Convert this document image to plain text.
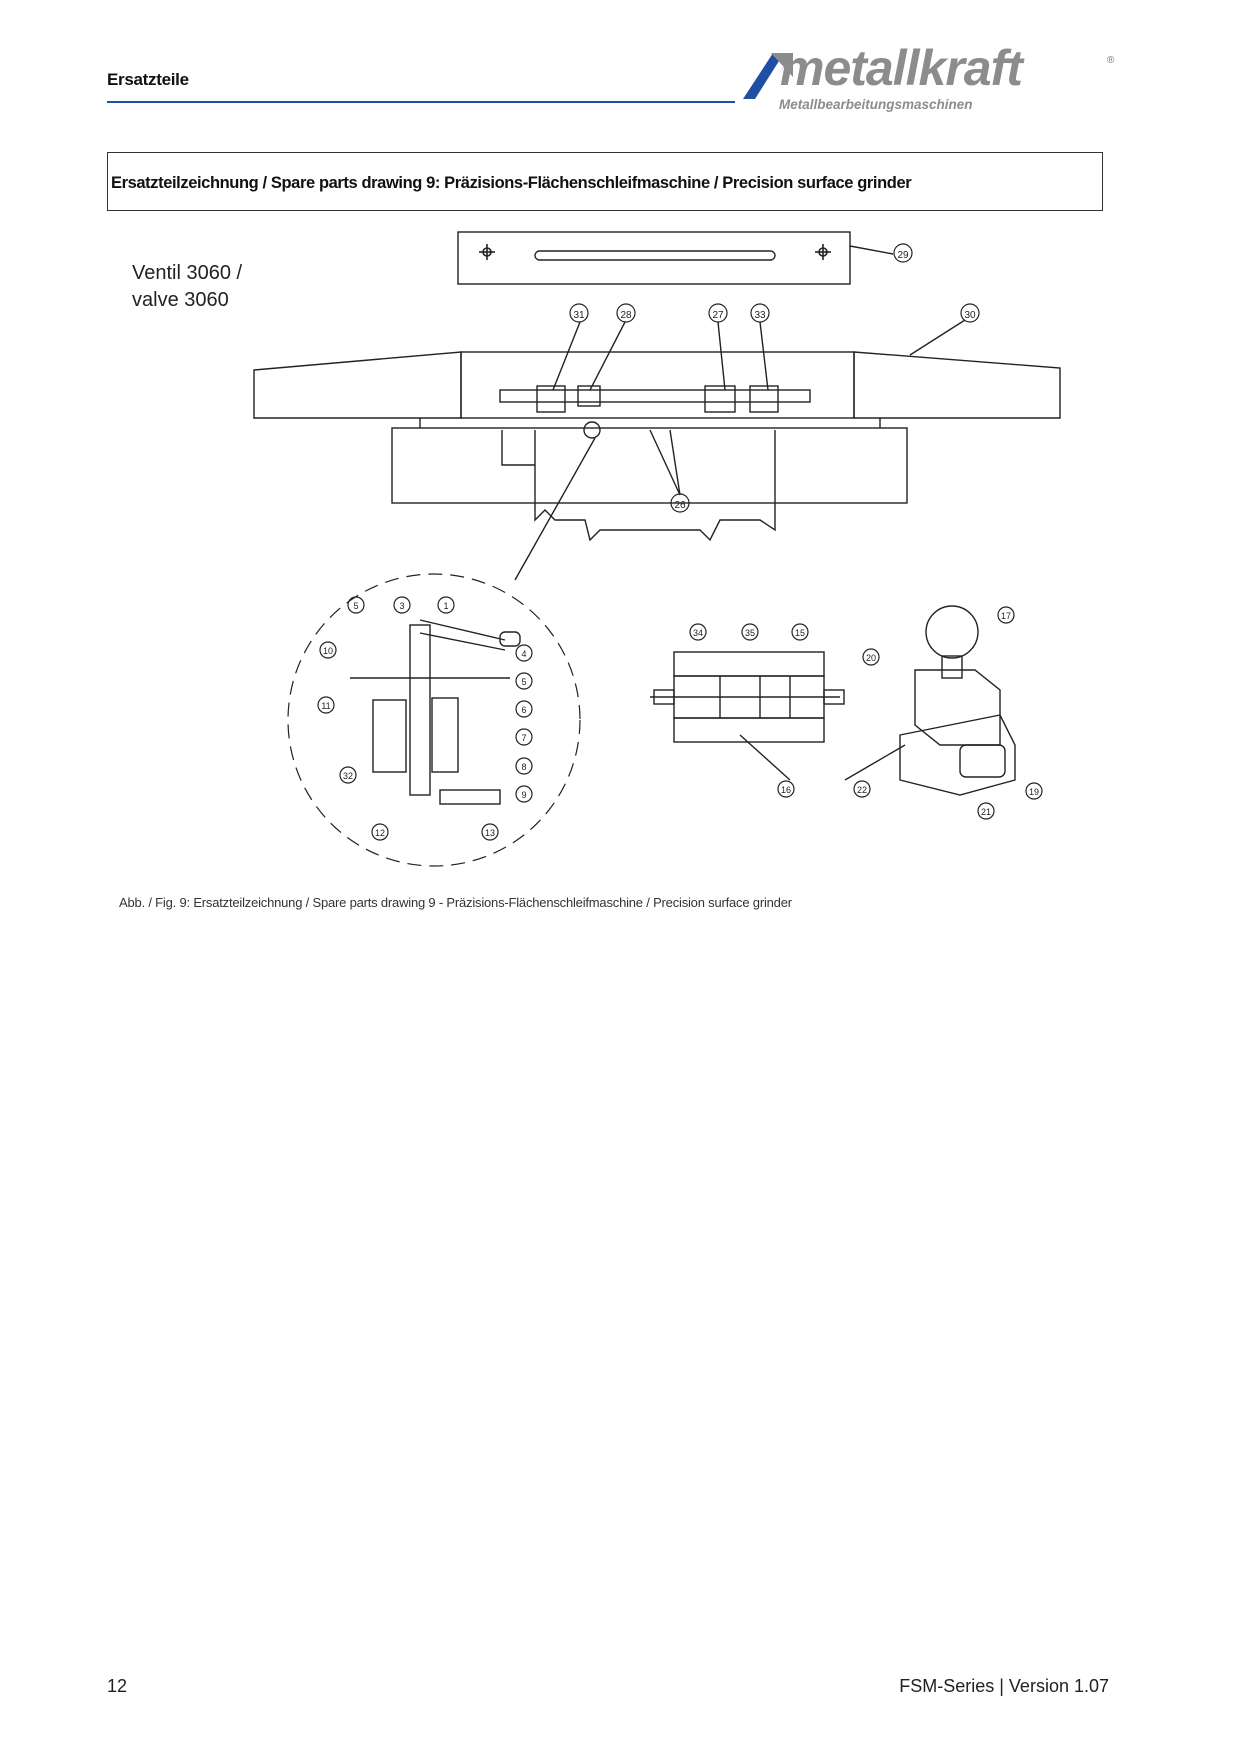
Ersatzteile	metallkraft	®
Metallbearbeitungsmaschinen
Ersatzteilzeichnung / Spare parts drawing 9: Präzisions-Flächenschleifmaschine / Precision surface grinder
Ventil 3060 /
valve 3060
29
31	28	27	33	30
26
5	3	1
10	4
5
11	6
7
32
8
9
12	13
34	35	15
16	22
17
20
21
19
Abb. / Fig. 9: Ersatzteilzeichnung / Spare parts drawing 9 - Präzisions-Flächenschleifmaschine / Precision surface grinder
12	FSM-Series | Version 1.07
